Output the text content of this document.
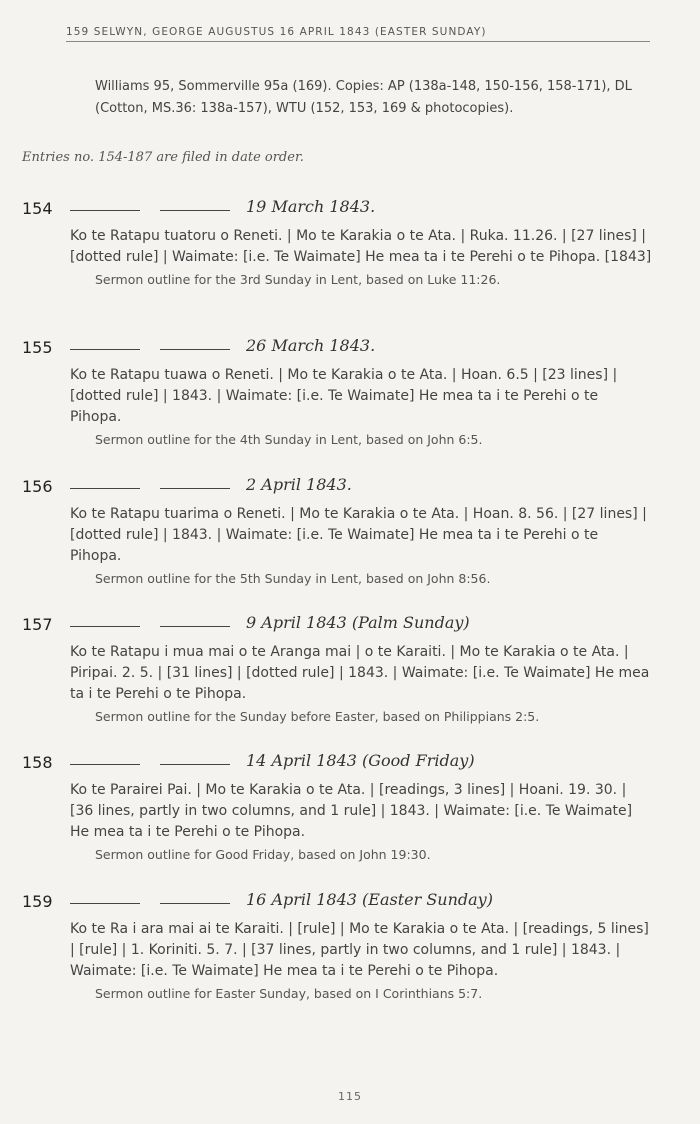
159 SELWYN, GEORGE AUGUSTUS 16 APRIL 1843 (EASTER SUNDAY)
Williams 95, Sommerville 95a (169). Copies: AP (138a-148, 150-156, 158-171), DL (Cotton, MS.36: 138a-157), WTU (152, 153, 169 & photocopies).
Entries no. 154-187 are filed in date order.
154	19 March 1843.
Ko te Ratapu tuatoru o Reneti. | Mo te Karakia o te Ata. | Ruka. 11.26. | [27 lines] | [dotted rule] | Waimate: [i.e. Te Waimate] He mea ta i te Perehi o te Pihopa. [1843]
Sermon outline for the 3rd Sunday in Lent, based on Luke 11:26.
155	26 March 1843.
Ko te Ratapu tuawa o Reneti. | Mo te Karakia o te Ata. | Hoan. 6.5 | [23 lines] | [dotted rule] | 1843. | Waimate: [i.e. Te Waimate] He mea ta i te Perehi o te Pihopa.
Sermon outline for the 4th Sunday in Lent, based on John 6:5.
156	2 April 1843.
Ko te Ratapu tuarima o Reneti. | Mo te Karakia o te Ata. | Hoan. 8. 56. | [27 lines] | [dotted rule] | 1843. | Waimate: [i.e. Te Waimate] He mea ta i te Perehi o te Pihopa.
Sermon outline for the 5th Sunday in Lent, based on John 8:56.
157	9 April 1843 (Palm Sunday)
Ko te Ratapu i mua mai o te Aranga mai | o te Karaiti. | Mo te Karakia o te Ata. | Piripai. 2. 5. | [31 lines] | [dotted rule] | 1843. | Waimate: [i.e. Te Waimate] He mea ta i te Perehi o te Pihopa.
Sermon outline for the Sunday before Easter, based on Philippians 2:5.
158	14 April 1843 (Good Friday)
Ko te Parairei Pai. | Mo te Karakia o te Ata. | [readings, 3 lines] | Hoani. 19. 30. | [36 lines, partly in two columns, and 1 rule] | 1843. | Waimate: [i.e. Te Waimate] He mea ta i te Perehi o te Pihopa.
Sermon outline for Good Friday, based on John 19:30.
159	16 April 1843 (Easter Sunday)
Ko te Ra i ara mai ai te Karaiti. | [rule] | Mo te Karakia o te Ata. | [readings, 5 lines] | [rule] | 1. Koriniti. 5. 7. | [37 lines, partly in two columns, and 1 rule] | 1843. | Waimate: [i.e. Te Waimate] He mea ta i te Perehi o te Pihopa.
Sermon outline for Easter Sunday, based on I Corinthians 5:7.
115
